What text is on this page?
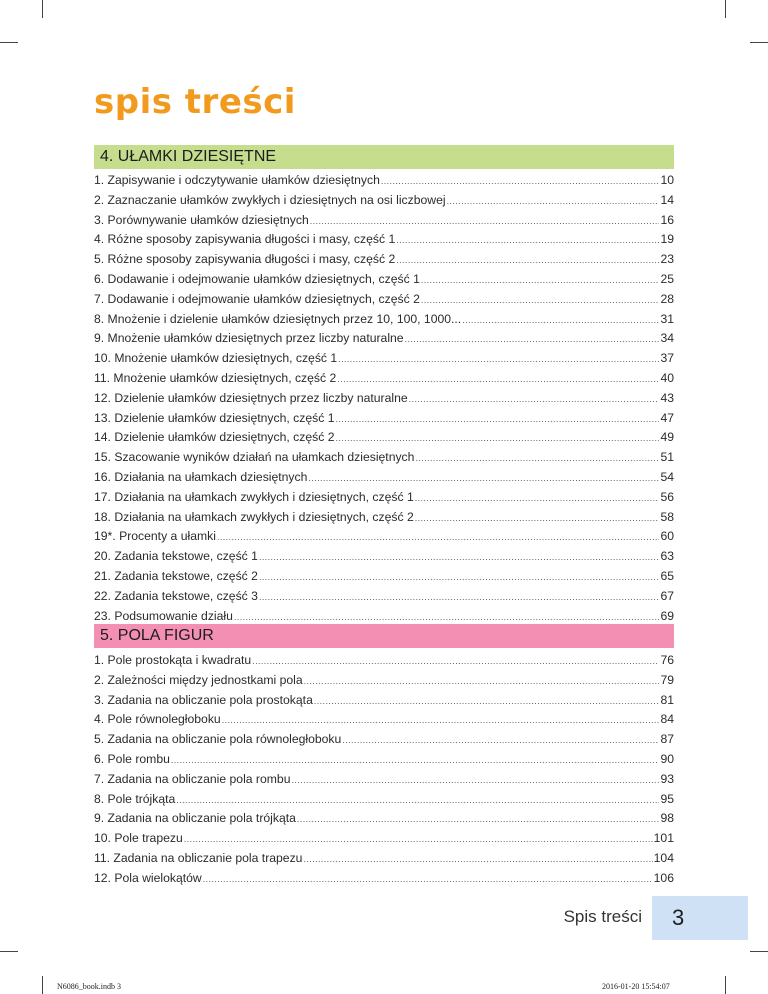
spis treści
4. UŁAMKI DZIESIĘTNE
1. Zapisywanie i odczytywanie ułamków dziesiętnych .....	10
2. Zaznaczanie ułamków zwykłych i dziesiętnych na osi liczbowej .....	14
3. Porównywanie ułamków dziesiętnych .....	16
4. Różne sposoby zapisywania długości i masy, część 1 .....	19
5. Różne sposoby zapisywania długości i masy, część 2 .....	23
6. Dodawanie i odejmowanie ułamków dziesiętnych, część 1 .....	25
7. Dodawanie i odejmowanie ułamków dziesiętnych, część 2 .....	28
8. Mnożenie i dzielenie ułamków dziesiętnych przez 10, 100, 1000... .....	31
9. Mnożenie ułamków dziesiętnych przez liczby naturalne .....	34
10. Mnożenie ułamków dziesiętnych, część 1 .....	37
11. Mnożenie ułamków dziesiętnych, część 2 .....	40
12. Dzielenie ułamków dziesiętnych przez liczby naturalne .....	43
13. Dzielenie ułamków dziesiętnych, część 1 .....	47
14. Dzielenie ułamków dziesiętnych, część 2 .....	49
15. Szacowanie wyników działań na ułamkach dziesiętnych .....	51
16. Działania na ułamkach dziesiętnych .....	54
17. Działania na ułamkach zwykłych i dziesiętnych, część 1 .....	56
18. Działania na ułamkach zwykłych i dziesiętnych, część 2 .....	58
19*. Procenty a ułamki .....	60
20. Zadania tekstowe, część 1 .....	63
21. Zadania tekstowe, część 2 .....	65
22. Zadania tekstowe, część 3 .....	67
23. Podsumowanie działu .....	69
5. POLA FIGUR
1. Pole prostokąta i kwadratu .....	76
2. Zależności między jednostkami pola .....	79
3. Zadania na obliczanie pola prostokąta .....	81
4. Pole równoległoboku .....	84
5. Zadania na obliczanie pola równoległoboku .....	87
6. Pole rombu .....	90
7. Zadania na obliczanie pola rombu .....	93
8. Pole trójkąta .....	95
9. Zadania na obliczanie pola trójkąta .....	98
10. Pole trapezu .....	101
11. Zadania na obliczanie pola trapezu .....	104
12. Pola wielokątów .....	106
Spis treści	3
N6086_book.indb 3	2016-01-20 15:54:07
